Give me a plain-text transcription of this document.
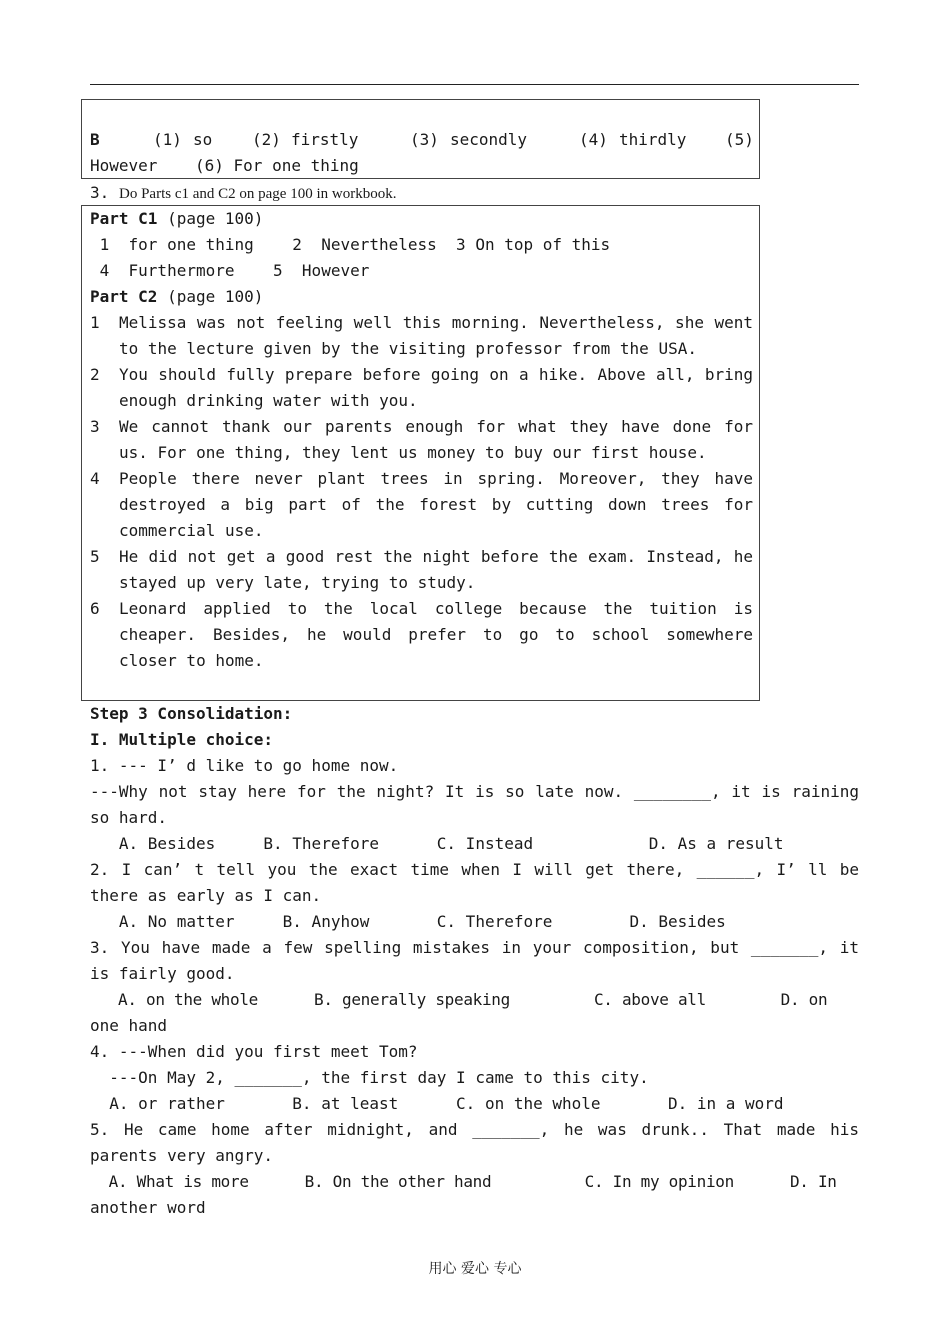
B	(1) so (2) firstly	(3) secondly	(4) thirdly (5)
However (6) For one thing
3. Do Parts c1 and C2 on page 100 in workbook.
Part C1 (page 100)
1  for one thing    2  Nevertheless  3 On top of this
4  Furthermore    5  However
Part C2 (page 100)
1 Melissa was not feeling well this morning. Nevertheless, she went to the lecture given by the visiting professor from the USA.
2 You should fully prepare before going on a hike. Above all, bring enough drinking water with you.
3 We cannot thank our parents enough for what they have done for us. For one thing, they lent us money to buy our first house.
4 People there never plant trees in spring. Moreover, they have destroyed a big part of the forest by cutting down trees for commercial use.
5 He did not get a good rest the night before the exam. Instead, he stayed up very late, trying to study.
6 Leonard applied to the local college because the tuition is cheaper. Besides, he would prefer to go to school somewhere closer to home.
Step 3 Consolidation:
I. Multiple choice:
1. --- I’ d like to go home now.
---Why not stay here for the night? It is so late now. ________, it is raining so hard.
A. Besides     B. Therefore      C. Instead            D. As a result
2. I can’ t tell you the exact time when I will get there, ______, I’ ll be there as early as I can.
A. No matter     B. Anyhow       C. Therefore        D. Besides
3. You have made a few spelling mistakes in your composition, but _______, it is fairly good.
A. on the whole      B. generally speaking         C. above all        D. on
one hand
4. ---When did you first meet Tom?
---On May 2, _______, the first day I came to this city.
A. or rather       B. at least      C. on the whole       D. in a word
5. He came home after midnight, and _______, he was drunk.. That made his parents very angry.
A. What is more      B. On the other hand          C. In my opinion      D. In
another word
用心 爱心 专心
